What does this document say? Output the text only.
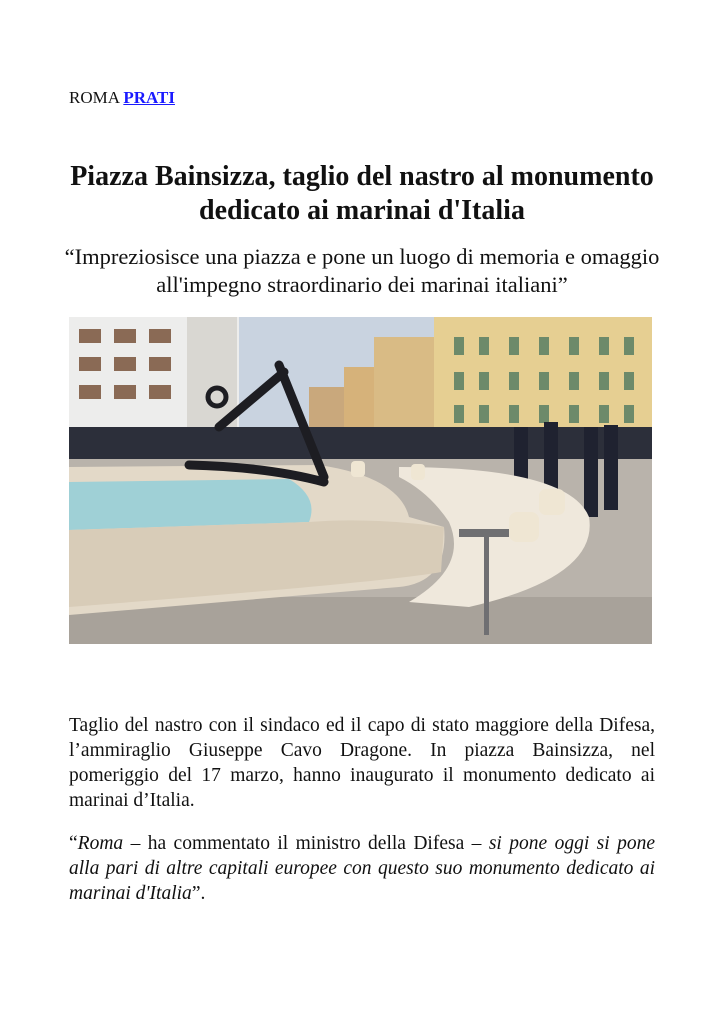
ROMA PRATI
Piazza Bainsizza, taglio del nastro al monumento dedicato ai marinai d'Italia

“Impreziosisce una piazza e pone un luogo di memoria e omaggio all'impegno straordinario dei marinai italiani”

Taglio del nastro con il sindaco ed il capo di stato maggiore della Difesa, l’ammiraglio Giuseppe Cavo Dragone. In piazza Bainsizza, nel pomeriggio del 17 marzo, hanno inaugurato il monumento dedicato ai marinai d’Italia.

“Roma – ha commentato il ministro della Difesa – si pone oggi si pone alla pari di altre capitali europee con questo suo monumento dedicato ai marinai d'Italia”.
